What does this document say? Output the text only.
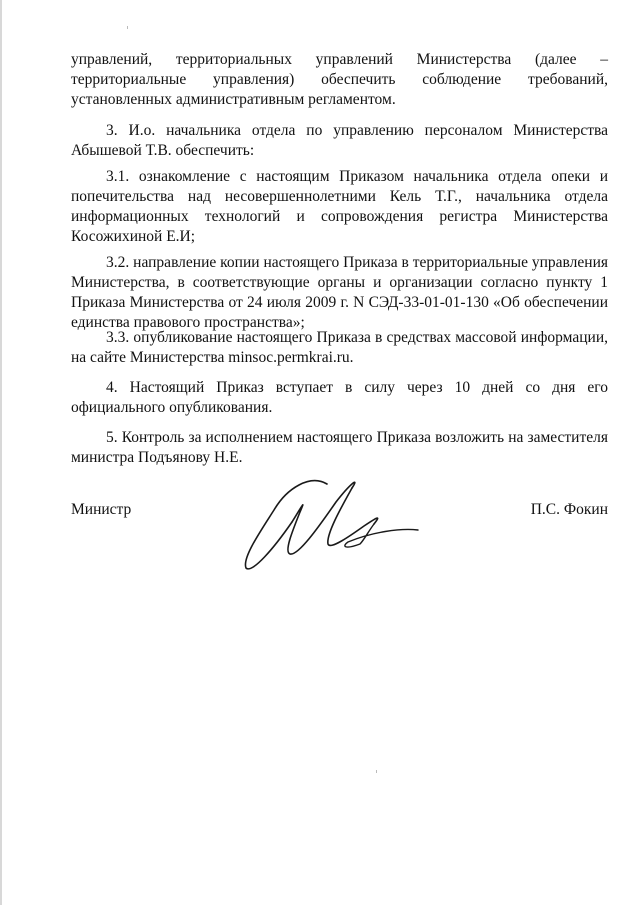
управлений, территориальных управлений Министерства (далее –
территориальные управления) обеспечить соблюдение требований,
установленных административным регламентом.
3. И.о. начальника отдела по управлению персоналом Министерства
Абышевой Т.В. обеспечить:
3.1. ознакомление с настоящим Приказом начальника отдела опеки и
попечительства над несовершеннолетними Кель Т.Г., начальника отдела
информационных технологий и сопровождения регистра Министерства
Косожихиной Е.И;
3.2. направление копии настоящего Приказа в территориальные управления
Министерства, в соответствующие органы и организации согласно пункту 1
Приказа Министерства от 24 июля 2009 г. N СЭД-33-01-01-130 «Об обеспечении
единства правового пространства»;
3.3. опубликование настоящего Приказа в средствах массовой информации,
на сайте Министерства minsoc.permkrai.ru.
4. Настоящий Приказ вступает в силу через 10 дней со дня его
официального опубликования.
5. Контроль за исполнением настоящего Приказа возложить на заместителя
министра Подъянову Н.Е.
Министр	П.С. Фокин
